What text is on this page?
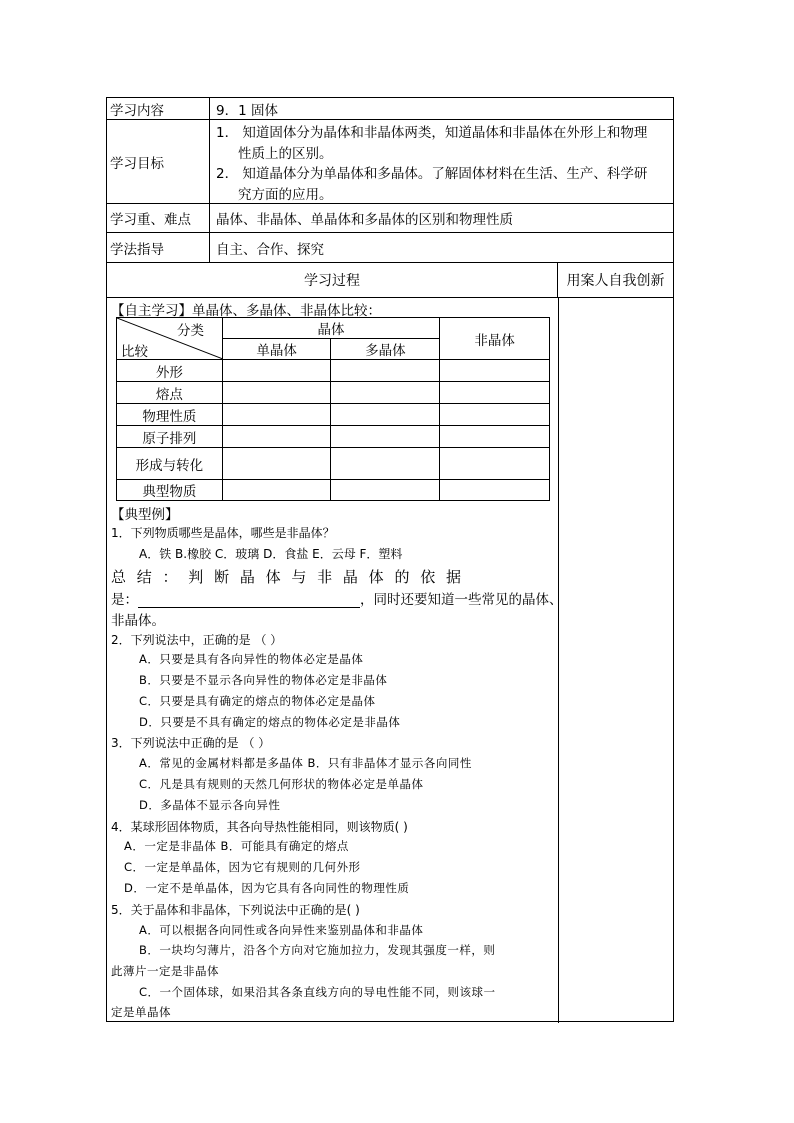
学习内容	9．1 固体
学习目标
1． 知道固体分为晶体和非晶体两类，知道晶体和非晶体在外形上和物理
性质上的区别。
2． 知道晶体分为单晶体和多晶体。了解固体材料在生活、生产、科学研
究方面的应用。
学习重、难点	晶体、非晶体、单晶体和多晶体的区别和物理性质
学法指导	自主、合作、探究
学习过程	用案人自我创新
【自主学习】单晶体、多晶体、非晶体比较：
分类
比较	晶体		非晶体
	单晶体	多晶体	
外形			
熔点			
物理性质			
原子排列			
形成与转化			
典型物质			
【典型例】
1．下列物质哪些是晶体，哪些是非晶体？
A．铁 B.橡胶 C．玻璃 D．食盐 E．云母 F．塑料
总 结 ： 判 断 晶 体 与 非 晶 体 的 依 据
是：	，同时还要知道一些常见的晶体、
非晶体。
2．下列说法中，正确的是 （ ）
A．只要是具有各向异性的物体必定是晶体
B．只要是不显示各向异性的物体必定是非晶体
C．只要是具有确定的熔点的物体必定是晶体
D．只要是不具有确定的熔点的物体必定是非晶体
3．下列说法中正确的是 （ ）
A．常见的金属材料都是多晶体 B．只有非晶体才显示各向同性
C．凡是具有规则的天然几何形状的物体必定是单晶体
D．多晶体不显示各向异性
4．某球形固体物质，其各向导热性能相同，则该物质( )
A．一定是非晶体 B．可能具有确定的熔点
C．一定是单晶体，因为它有规则的几何外形
D．一定不是单晶体，因为它具有各向同性的物理性质
5．关于晶体和非晶体，下列说法中正确的是( )
A．可以根据各向同性或各向异性来鉴别晶体和非晶体
B．一块均匀薄片，沿各个方向对它施加拉力，发现其强度一样，则
此薄片一定是非晶体
C．一个固体球，如果沿其各条直线方向的导电性能不同，则该球一
定是单晶体
